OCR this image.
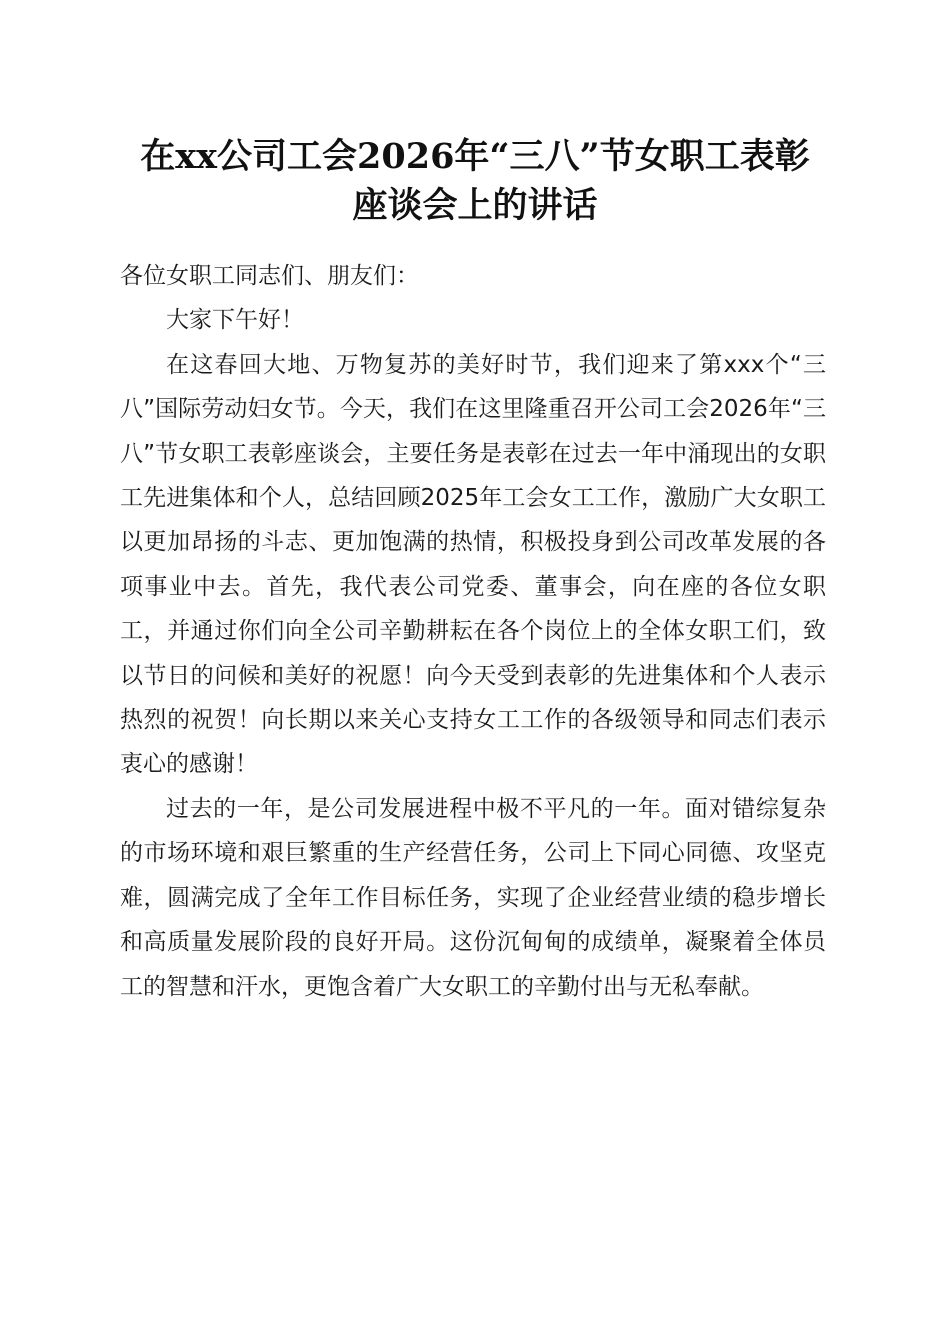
在xx公司工会2026年“三八”节女职工表彰
座谈会上的讲话

各位女职工同志们、朋友们：

大家下午好！

在这春回大地、万物复苏的美好时节，我们迎来了第xxx个“三八”国际劳动妇女节。今天，我们在这里隆重召开公司工会2026年“三八”节女职工表彰座谈会，主要任务是表彰在过去一年中涌现出的女职工先进集体和个人，总结回顾2025年工会女工工作，激励广大女职工以更加昂扬的斗志、更加饱满的热情，积极投身到公司改革发展的各项事业中去。首先，我代表公司党委、董事会，向在座的各位女职工，并通过你们向全公司辛勤耕耘在各个岗位上的全体女职工们，致以节日的问候和美好的祝愿！向今天受到表彰的先进集体和个人表示热烈的祝贺！向长期以来关心支持女工工作的各级领导和同志们表示衷心的感谢！

过去的一年，是公司发展进程中极不平凡的一年。面对错综复杂的市场环境和艰巨繁重的生产经营任务，公司上下同心同德、攻坚克难，圆满完成了全年工作目标任务，实现了企业经营业绩的稳步增长和高质量发展阶段的良好开局。这份沉甸甸的成绩单，凝聚着全体员工的智慧和汗水，更饱含着广大女职工的辛勤付出与无私奉献。
